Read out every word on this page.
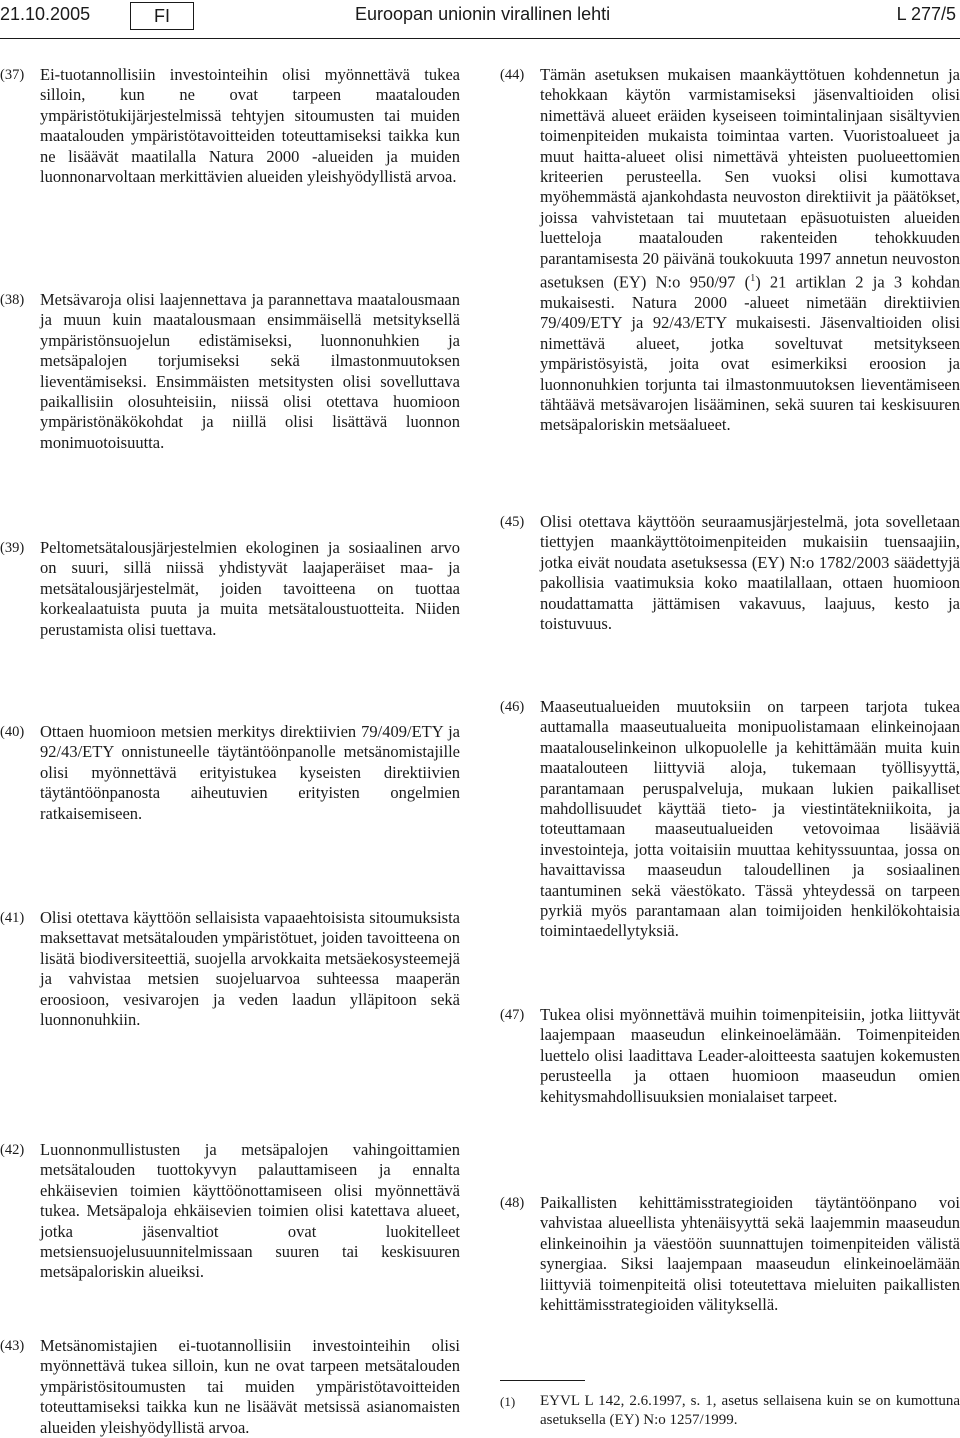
21.10.2005	FI	Euroopan unionin virallinen lehti	L 277/5
(37) Ei-tuotannollisiin investointeihin olisi myönnettävä tukea silloin, kun ne ovat tarpeen maatalouden ympäristötukijärjestelmissä tehtyjen sitoumusten tai muiden maatalouden ympäristötavoitteiden toteuttamiseksi taikka kun ne lisäävät maatilalla Natura 2000 -alueiden ja muiden luonnonarvoltaan merkittävien alueiden yleishyödyllistä arvoa.
(38) Metsävaroja olisi laajennettava ja parannettava maatalousmaan ja muun kuin maatalousmaan ensimmäisellä metsityksellä ympäristönsuojelun edistämiseksi, luonnonuhkien ja metsäpalojen torjumiseksi sekä ilmastonmuutoksen lieventämiseksi. Ensimmäisten metsitysten olisi sovelluttava paikallisiin olosuhteisiin, niissä olisi otettava huomioon ympäristönäkökohdat ja niillä olisi lisättävä luonnon monimuotoisuutta.
(39) Peltometsätalousjärjestelmien ekologinen ja sosiaalinen arvo on suuri, sillä niissä yhdistyvät laajaperäiset maa- ja metsätalousjärjestelmät, joiden tavoitteena on tuottaa korkealaatuista puuta ja muita metsätaloustuotteita. Niiden perustamista olisi tuettava.
(40) Ottaen huomioon metsien merkitys direktiivien 79/409/ETY ja 92/43/ETY onnistuneelle täytäntöönpanolle metsänomistajille olisi myönnettävä erityistukea kyseisten direktiivien täytäntöönpanosta aiheutuvien erityisten ongelmien ratkaisemiseen.
(41) Olisi otettava käyttöön sellaisista vapaaehtoisista sitoumuksista maksettavat metsätalouden ympäristötuet, joiden tavoitteena on lisätä biodiversiteettiä, suojella arvokkaita metsäekosysteemejä ja vahvistaa metsien suojeluarvoa suhteessa maaperän eroosioon, vesivarojen ja veden laadun ylläpitoon sekä luonnonuhkiin.
(42) Luonnonmullistusten ja metsäpalojen vahingoittamien metsätalouden tuottokyvyn palauttamiseen ja ennalta ehkäisevien toimien käyttöönottamiseen olisi myönnettävä tukea. Metsäpaloja ehkäisevien toimien olisi katettava alueet, jotka jäsenvaltiot ovat luokitelleet metsiensuojelusuunnitelmissaan suuren tai keskisuuren metsäpaloriskin alueiksi.
(43) Metsänomistajien ei-tuotannollisiin investointeihin olisi myönnettävä tukea silloin, kun ne ovat tarpeen metsätalouden ympäristösitoumusten tai muiden ympäristötavoitteiden toteuttamiseksi taikka kun ne lisäävät metsissä asianomaisten alueiden yleishyödyllistä arvoa.
(44) Tämän asetuksen mukaisen maankäyttötuen kohdennetun ja tehokkaan käytön varmistamiseksi jäsenvaltioiden olisi nimettävä alueet eräiden kyseiseen toimintalinjaan sisältyvien toimenpiteiden mukaista toimintaa varten. Vuoristoalueet ja muut haitta-alueet olisi nimettävä yhteisten puolueettomien kriteerien perusteella. Sen vuoksi olisi kumottava myöhemmästä ajankohdasta neuvoston direktiivit ja päätökset, joissa vahvistetaan tai muutetaan epäsuotuisten alueiden luetteloja maatalouden rakenteiden tehokkuuden parantamisesta 20 päivänä toukokuuta 1997 annetun neuvoston asetuksen (EY) N:o 950/97 ($^1$) 21 artiklan 2 ja 3 kohdan mukaisesti. Natura 2000 -alueet nimetään direktiivien 79/409/ETY ja 92/43/ETY mukaisesti. Jäsenvaltioiden olisi nimettävä alueet, jotka soveltuvat metsitykseen ympäristösyistä, joita ovat esimerkiksi eroosion ja luonnonuhkien torjunta tai ilmastonmuutoksen lieventämiseen tähtäävä metsävarojen lisääminen, sekä suuren tai keskisuuren metsäpaloriskin metsäalueet.
(45) Olisi otettava käyttöön seuraamusjärjestelmä, jota sovelletaan tiettyjen maankäyttötoimenpiteiden mukaisiin tuensaajiin, jotka eivät noudata asetuksessa (EY) N:o 1782/2003 säädettyjä pakollisia vaatimuksia koko maatilallaan, ottaen huomioon noudattamatta jättämisen vakavuus, laajuus, kesto ja toistuvuus.
(46) Maaseutualueiden muutoksiin on tarpeen tarjota tukea auttamalla maaseutualueita monipuolistamaan elinkeinojaan maatalouselinkeinon ulkopuolelle ja kehittämään muita kuin maatalouteen liittyviä aloja, tukemaan työllisyyttä, parantamaan peruspalveluja, mukaan lukien paikalliset mahdollisuudet käyttää tieto- ja viestintätekniikoita, ja toteuttamaan maaseutualueiden vetovoimaa lisääviä investointeja, jotta voitaisiin muuttaa kehityssuuntaa, jossa on havaittavissa maaseudun taloudellinen ja sosiaalinen taantuminen sekä väestökato. Tässä yhteydessä on tarpeen pyrkiä myös parantamaan alan toimijoiden henkilökohtaisia toimintaedellytyksiä.
(47) Tukea olisi myönnettävä muihin toimenpiteisiin, jotka liittyvät laajempaan maaseudun elinkeinoelämään. Toimenpiteiden luettelo olisi laadittava Leader-aloitteesta saatujen kokemusten perusteella ja ottaen huomioon maaseudun omien kehitysmahdollisuuksien monialaiset tarpeet.
(48) Paikallisten kehittämisstrategioiden täytäntöönpano voi vahvistaa alueellista yhtenäisyyttä sekä laajemmin maaseudun elinkeinoihin ja väestöön suunnattujen toimenpiteiden välistä synergiaa. Siksi laajempaan maaseudun elinkeinoelämään liittyviä toimenpiteitä olisi toteutettava mieluiten paikallisten kehittämisstrategioiden välityksellä.
(1)	EYVL L 142, 2.6.1997, s. 1, asetus sellaisena kuin se on kumottuna asetuksella (EY) N:o 1257/1999.
